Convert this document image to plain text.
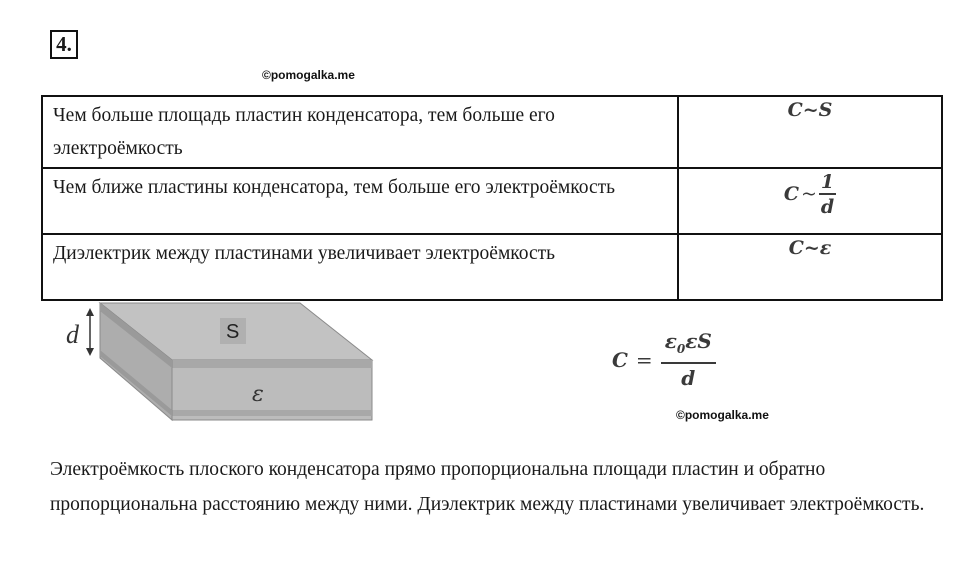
4.
©pomogalka.me
Чем больше площадь пластин конденсатора, тем больше его электроёмкость	C~S
Чем ближе пластины конденсатора, тем больше его электроёмкость	C ~ $\frac{1}{d}$

Диэлектрик между пластинами увеличивает электроёмкость	C~ε
d	S
ε
$C = \frac{\varepsilon_0\varepsilon S}{d}$
©pomogalka.me
Электроёмкость плоского конденсатора прямо пропорциональна площади пластин и обратно пропорциональна расстоянию между ними. Диэлектрик между пластинами увеличивает электроёмкость.
